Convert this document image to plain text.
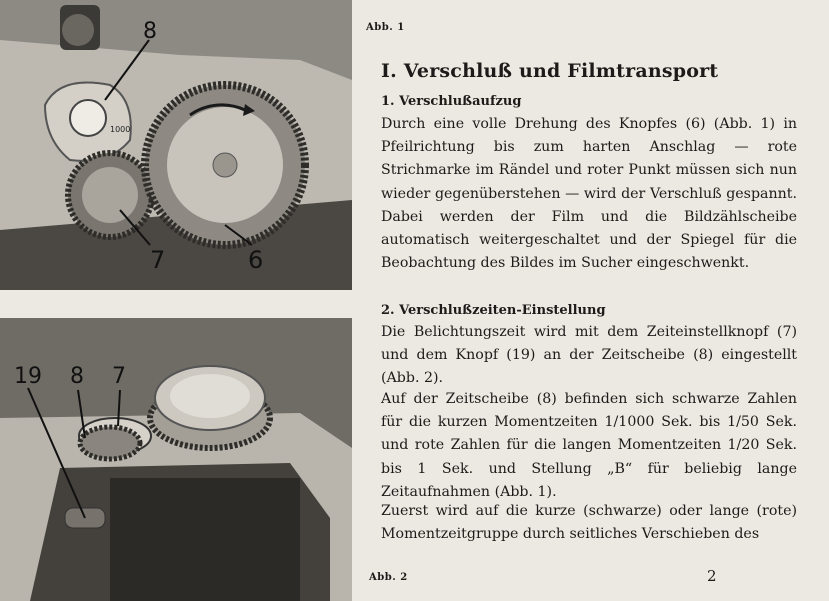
1000
8
7	6
19 8 7
Abb. 1
Abb. 2	2
I. Verschluß und Filmtransport
1. Verschlußaufzug
Durch eine volle Drehung des Knopfes (6) (Abb. 1) in Pfeilrichtung bis zum harten Anschlag — rote Strichmarke im Rändel und roter Punkt müssen sich nun wieder gegenüberstehen — wird der Verschluß gespannt. Dabei werden der Film und die Bildzählscheibe automatisch weitergeschaltet und der Spiegel für die Beobachtung des Bildes im Sucher eingeschwenkt.
2. Verschlußzeiten-Einstellung
Die Belichtungszeit wird mit dem Zeiteinstellknopf (7) und dem Knopf (19) an der Zeitscheibe (8) eingestellt (Abb. 2).
Auf der Zeitscheibe (8) befinden sich schwarze Zahlen für die kurzen Momentzeiten 1/1000 Sek. bis 1/50 Sek. und rote Zahlen für die langen Momentzeiten 1/20 Sek. bis 1 Sek. und Stellung „B“ für beliebig lange Zeitaufnahmen (Abb. 1).
Zuerst wird auf die kurze (schwarze) oder lange (rote) Momentzeitgruppe durch seitliches Verschieben des
